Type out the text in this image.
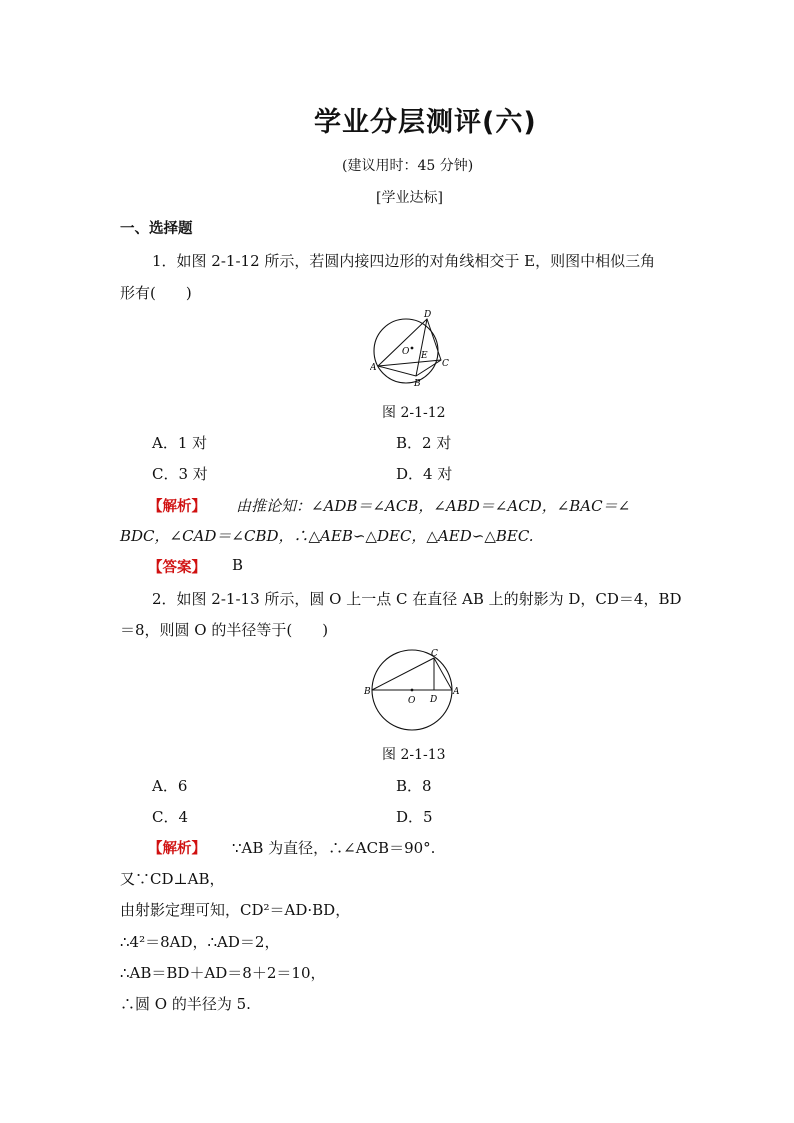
学业分层测评(六)
(建议用时：45 分钟)
[学业达标]
一、选择题
1．如图 2-1-12 所示，若圆内接四边形的对角线相交于 E，则图中相似三角
形有(　　)
D
O E
A
B
C
图 2-1-12
A．1 对	B．2 对
C．3 对	D．4 对
【解析】 由推论知：∠ADB＝∠ACB，∠ABD＝∠ACD，∠BAC＝∠
BDC，∠CAD＝∠CBD，∴△AEB∽△DEC，△AED∽△BEC.
【答案】 B
2．如图 2-1-13 所示，圆 O 上一点 C 在直径 AB 上的射影为 D，CD＝4，BD
＝8，则圆 O 的半径等于(　　)
C
B
O D
A
图 2-1-13
A．6	B．8
C．4	D．5
【解析】 ∵AB 为直径，∴∠ACB＝90°.
又∵CD⊥AB，
由射影定理可知，CD²＝AD·BD，
∴4²＝8AD，∴AD＝2，
∴AB＝BD＋AD＝8＋2＝10，
∴圆 O 的半径为 5.
